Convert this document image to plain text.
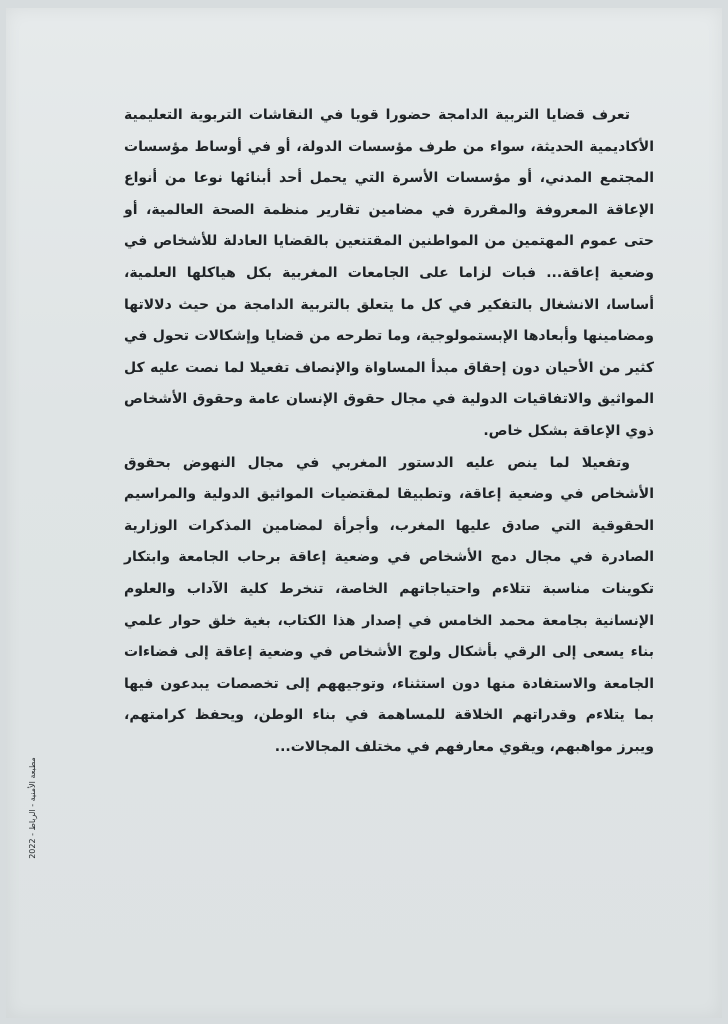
تعرف قضايا التربية الدامجة حضورا قويا في النقاشات التربوية التعليمية الأكاديمية الحديثة، سواء من طرف مؤسسات الدولة، أو في أوساط مؤسسات المجتمع المدني، أو مؤسسات الأسرة التي يحمل أحد أبنائها نوعا من أنواع الإعاقة المعروفة والمقررة في مضامين تقارير منظمة الصحة العالمية، أو حتى عموم المهتمين من المواطنين المقتنعين بالقضايا العادلة للأشخاص في وضعية إعاقة... فبات لزاما على الجامعات المغربية بكل هياكلها العلمية، أساسا، الانشغال بالتفكير في كل ما يتعلق بالتربية الدامجة من حيث دلالاتها ومضامينها وأبعادها الإبستمولوجية، وما تطرحه من قضايا وإشكالات تحول في كثير من الأحيان دون إحقاق مبدأ المساواة والإنصاف تفعيلا لما نصت عليه كل المواثيق والاتفاقيات الدولية في مجال حقوق الإنسان عامة وحقوق الأشخاص ذوي الإعاقة بشكل خاص.

وتفعيلا لما ينص عليه الدستور المغربي في مجال النهوض بحقوق الأشخاص في وضعية إعاقة، وتطبيقا لمقتضيات المواثيق الدولية والمراسيم الحقوقية التي صادق عليها المغرب، وأجرأة لمضامين المذكرات الوزارية الصادرة في مجال دمج الأشخاص في وضعية إعاقة برحاب الجامعة وابتكار تكوينات مناسبة تتلاءم واحتياجاتهم الخاصة، تنخرط كلية الآداب والعلوم الإنسانية بجامعة محمد الخامس في إصدار هذا الكتاب، بغية خلق حوار علمي بناء يسعى إلى الرقي بأشكال ولوج الأشخاص في وضعية إعاقة إلى فضاءات الجامعة والاستفادة منها دون استثناء، وتوجيههم إلى تخصصات يبدعون فيها بما يتلاءم وقدراتهم الخلاقة للمساهمة في بناء الوطن، ويحفظ كرامتهم، ويبرز مواهبهم، ويقوي معارفهم في مختلف المجالات...

مطبعة الأمنية - الرباط - 2022
